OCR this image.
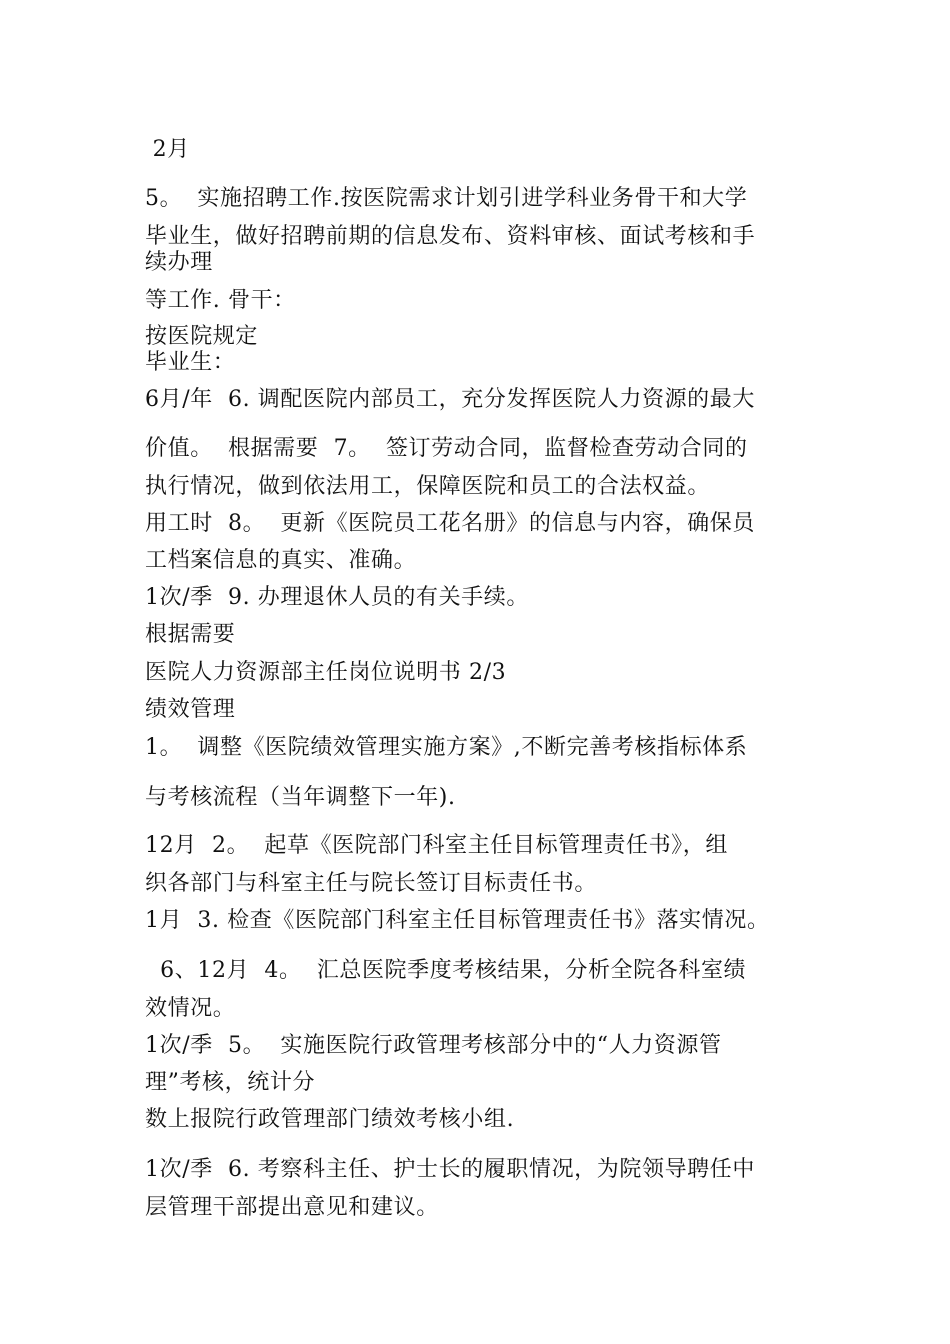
2月
5。  实施招聘工作.按医院需求计划引进学科业务骨干和大学
毕业生，做好招聘前期的信息发布、资料审核、面试考核和手
续办理
等工作. 骨干：
按医院规定
毕业生：
6月/年  6. 调配医院内部员工，充分发挥医院人力资源的最大
价值。  根据需要  7。  签订劳动合同，监督检查劳动合同的
执行情况，做到依法用工，保障医院和员工的合法权益。
用工时  8。  更新《医院员工花名册》的信息与内容，确保员
工档案信息的真实、准确。
1次/季  9. 办理退休人员的有关手续。
根据需要
医院人力资源部主任岗位说明书 2/3
绩效管理
1。  调整《医院绩效管理实施方案》,不断完善考核指标体系
与考核流程（当年调整下一年).
12月  2。  起草《医院部门科室主任目标管理责任书》，组
织各部门与科室主任与院长签订目标责任书。
1月  3. 检查《医院部门科室主任目标管理责任书》落实情况。
6、12月  4。  汇总医院季度考核结果，分析全院各科室绩
效情况。
1次/季  5。  实施医院行政管理考核部分中的“人力资源管
理”考核，统计分
数上报院行政管理部门绩效考核小组.
1次/季  6. 考察科主任、护士长的履职情况，为院领导聘任中
层管理干部提出意见和建议。
